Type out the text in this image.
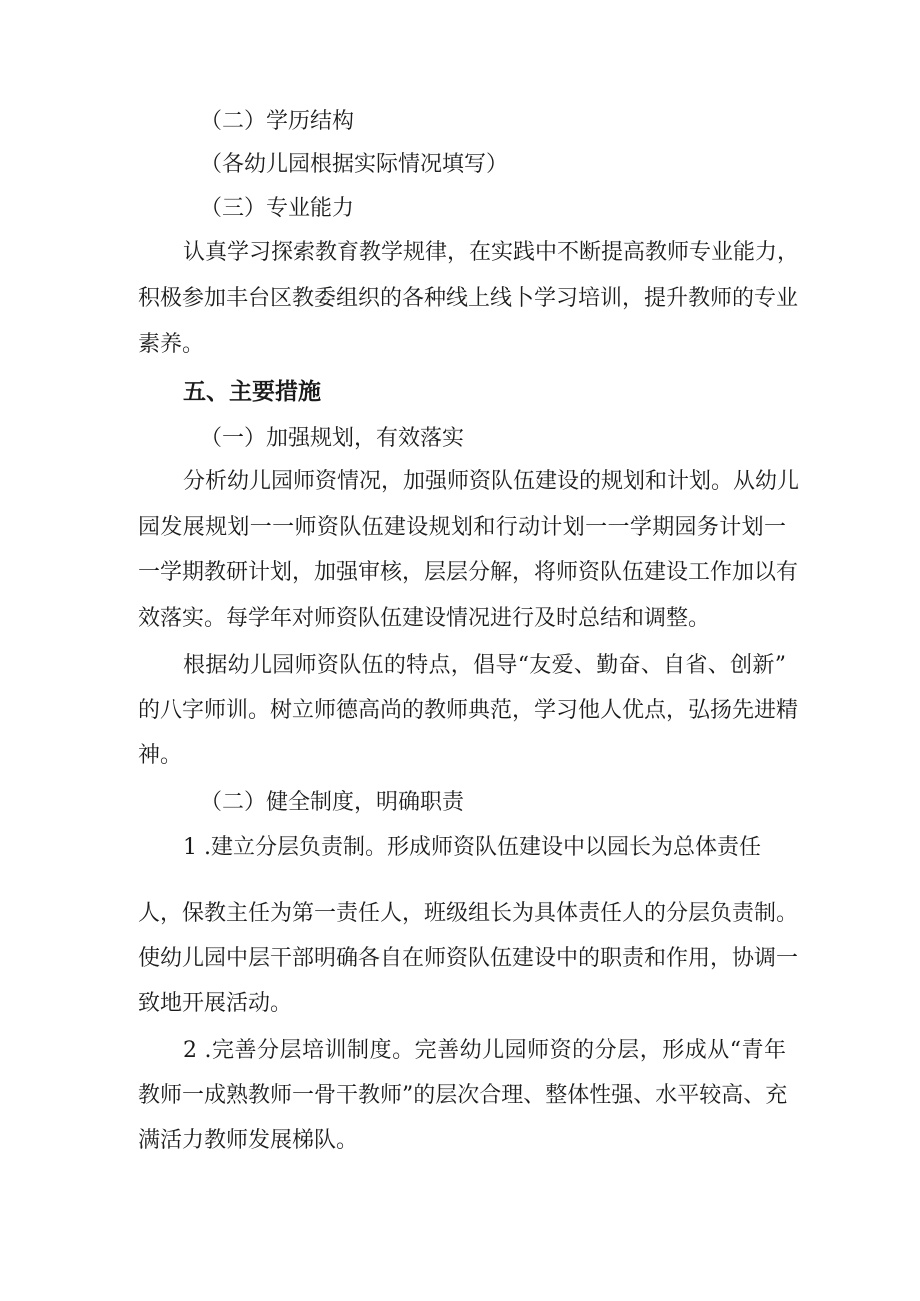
（二）学历结构
（各幼儿园根据实际情况填写）
（三）专业能力
认真学习探索教育教学规律，在实践中不断提高教师专业能力，
积极参加丰台区教委组织的各种线上线卜学习培训，提升教师的专业
素养。
五、主要措施
（一）加强规划，有效落实
分析幼儿园师资情况，加强师资队伍建设的规划和计划。从幼儿
园发展规划一一师资队伍建设规划和行动计划一一学期园务计划一
一学期教研计划，加强审核，层层分解，将师资队伍建设工作加以有
效落实。每学年对师资队伍建设情况进行及时总结和调整。
根据幼儿园师资队伍的特点，倡导“友爱、勤奋、自省、创新”
的八字师训。树立师德高尚的教师典范，学习他人优点，弘扬先进精
神。
（二）健全制度，明确职责
1 .建立分层负责制。形成师资队伍建设中以园长为总体责任
人，保教主任为第一责任人，班级组长为具体责任人的分层负责制。
使幼儿园中层干部明确各自在师资队伍建设中的职责和作用，协调一
致地开展活动。
2 .完善分层培训制度。完善幼儿园师资的分层，形成从“青年
教师一成熟教师一骨干教师”的层次合理、整体性强、水平较高、充
满活力教师发展梯队。
